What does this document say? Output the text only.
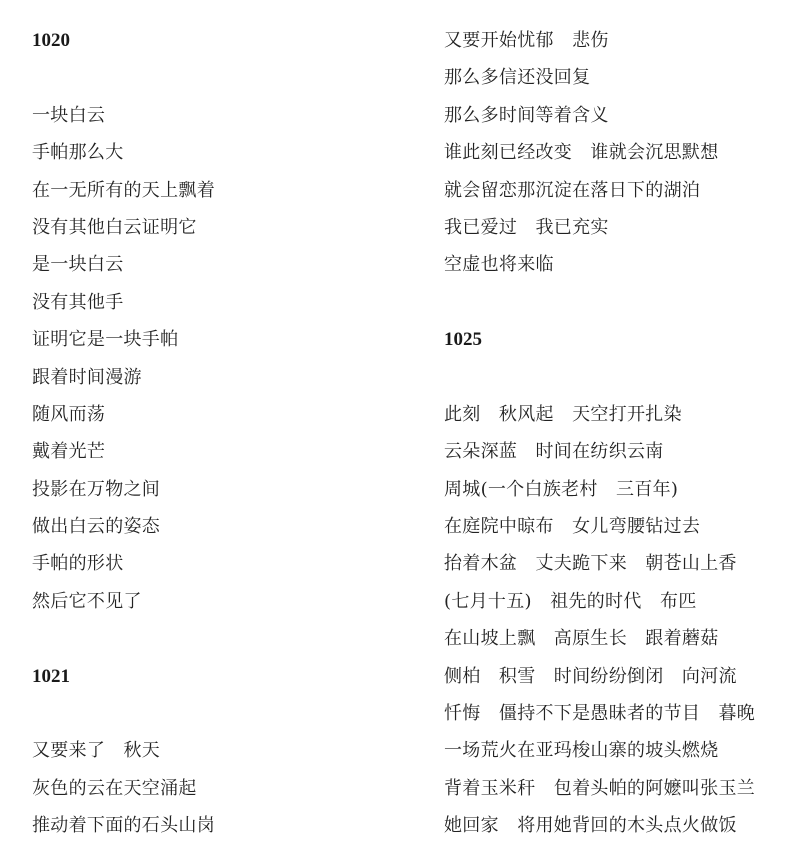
1020
一块白云
手帕那么大
在一无所有的天上飘着
没有其他白云证明它
是一块白云
没有其他手
证明它是一块手帕
跟着时间漫游
随风而荡
戴着光芒
投影在万物之间
做出白云的姿态
手帕的形状
然后它不见了
1021
又要来了　秋天
灰色的云在天空涌起
推动着下面的石头山岗
又要开始忧郁　悲伤
那么多信还没回复
那么多时间等着含义
谁此刻已经改变　谁就会沉思默想
就会留恋那沉淀在落日下的湖泊
我已爱过　我已充实
空虚也将来临
1025
此刻　秋风起　天空打开扎染
云朵深蓝　时间在纺织云南
周城(一个白族老村　三百年)
在庭院中晾布　女儿弯腰钻过去
抬着木盆　丈夫跪下来　朝苍山上香
(七月十五)　祖先的时代　布匹
在山坡上飘　高原生长　跟着蘑菇
侧柏　积雪　时间纷纷倒闭　向河流
忏悔　僵持不下是愚昧者的节目　暮晚
一场荒火在亚玛梭山寨的坡头燃烧
背着玉米秆　包着头帕的阿嬷叫张玉兰
她回家　将用她背回的木头点火做饭
